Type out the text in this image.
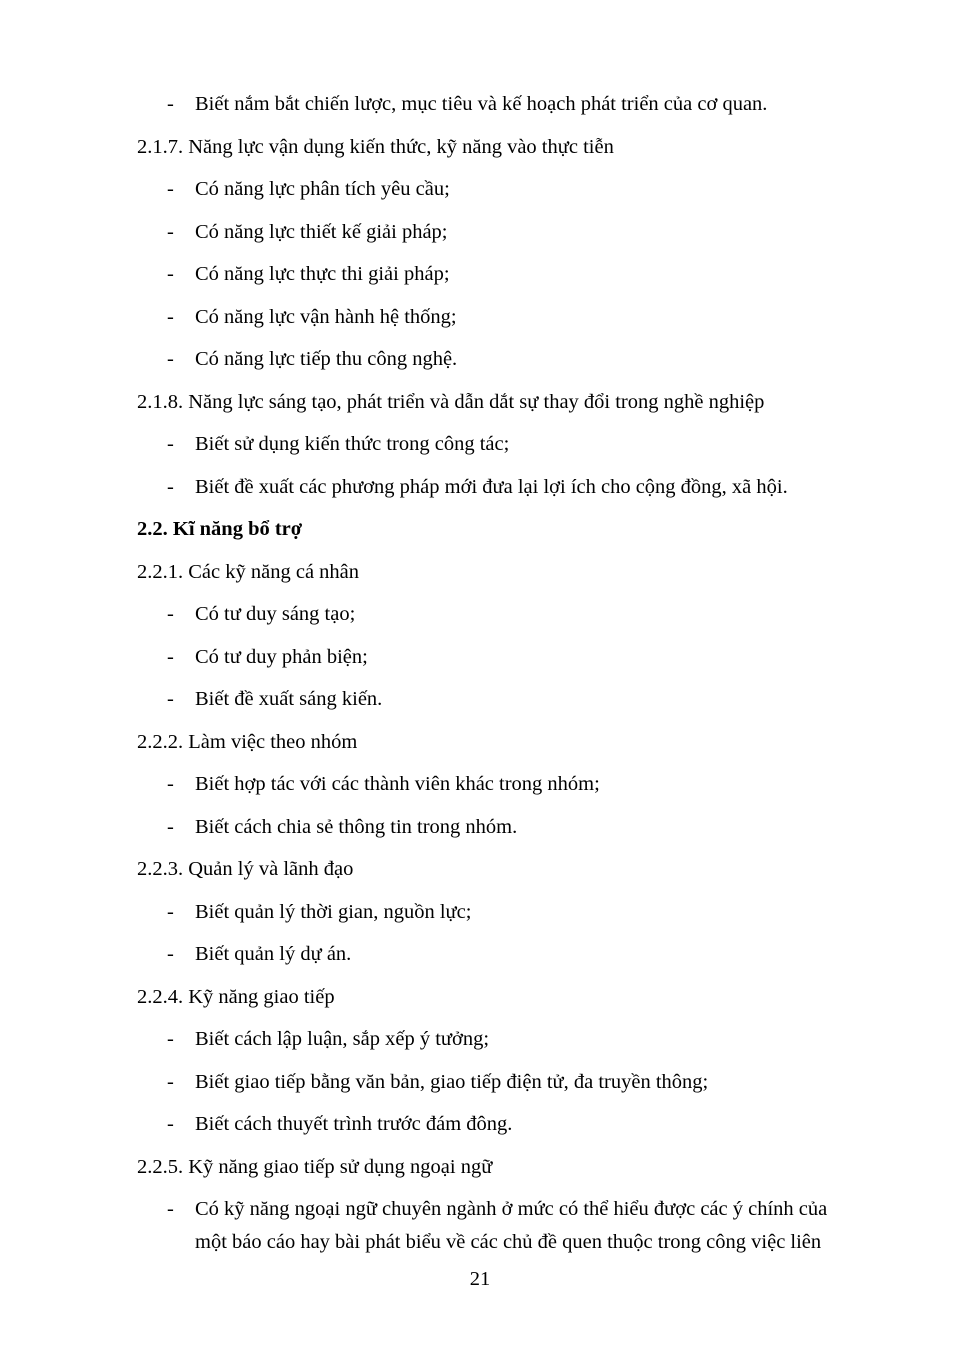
- Biết nắm bắt chiến lược, mục tiêu và kế hoạch phát triển của cơ quan.
2.1.7. Năng lực vận dụng kiến thức, kỹ năng vào thực tiễn
- Có năng lực phân tích yêu cầu;
- Có năng lực thiết kế giải pháp;
- Có năng lực thực thi giải pháp;
- Có năng lực vận hành hệ thống;
- Có năng lực tiếp thu công nghệ.
2.1.8. Năng lực sáng tạo, phát triển và dẫn dắt sự thay đổi trong nghề nghiệp
- Biết sử dụng kiến thức trong công tác;
- Biết đề xuất các phương pháp mới đưa lại lợi ích cho cộng đồng, xã hội.
2.2. Kĩ năng bổ trợ
2.2.1. Các kỹ năng cá nhân
- Có tư duy sáng tạo;
- Có tư duy phản biện;
- Biết đề xuất sáng kiến.
2.2.2. Làm việc theo nhóm
- Biết hợp tác với các thành viên khác trong nhóm;
- Biết cách chia sẻ thông tin trong nhóm.
2.2.3. Quản lý và lãnh đạo
- Biết quản lý thời gian, nguồn lực;
- Biết quản lý dự án.
2.2.4. Kỹ năng giao tiếp
- Biết cách lập luận, sắp xếp ý tưởng;
- Biết giao tiếp bằng văn bản, giao tiếp điện tử, đa truyền thông;
- Biết cách thuyết trình trước đám đông.
2.2.5. Kỹ năng giao tiếp sử dụng ngoại ngữ
- Có kỹ năng ngoại ngữ chuyên ngành ở mức có thể hiểu được các ý chính của
một báo cáo hay bài phát biểu về các chủ đề quen thuộc trong công việc liên
21
